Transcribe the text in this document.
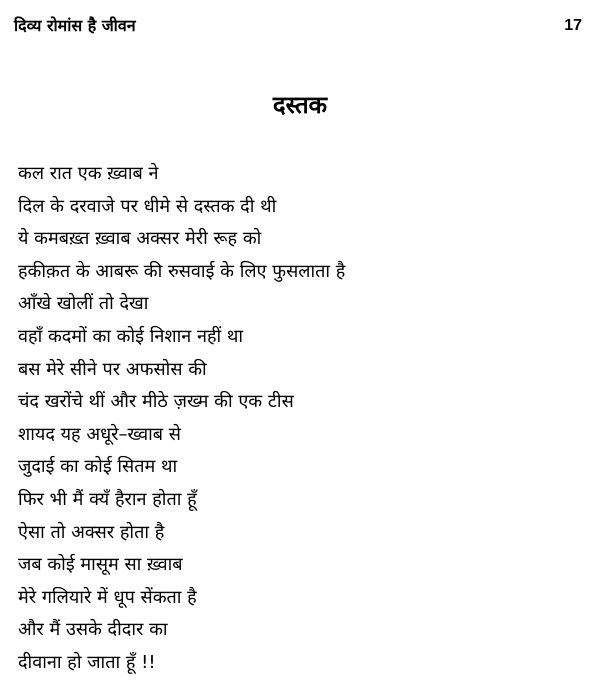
दिव्य रोमांस है जीवन	17
दस्तक
कल रात एक ख़्वाब ने
दिल के दरवाजे पर धीमे से दस्तक दी थी
ये कमबख़्त ख़्वाब अक्सर मेरी रूह को
हकीक़त के आबरू की रुसवाई के लिए फुसलाता है
आँखे खोलीं तो देखा
वहाँ कदमों का कोई निशान नहीं था
बस मेरे सीने पर अफसोस की
चंद खरोंचे थीं और मीठे ज़ख्म की एक टीस
शायद यह अधूरे–ख्वाब से
जुदाई का कोई सितम था
फिर भी मैं क्यँ हैरान होता हूँ
ऐसा तो अक्सर होता है
जब कोई मासूम सा ख़्वाब
मेरे गलियारे में धूप सेंकता है
और मैं उसके दीदार का
दीवाना हो जाता हूँ !!
